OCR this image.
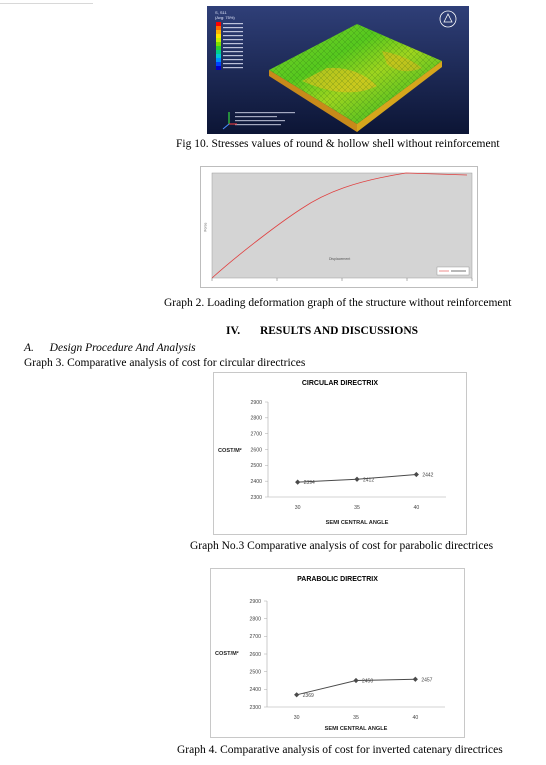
S, S11
(Avg: 75%)
Fig 10. Stresses values of round & hollow shell without reinforcement
Displacement
Force
Graph 2. Loading deformation graph of the structure without reinforcement
IV. RESULTS AND DISCUSSIONS
A. Design Procedure And Analysis
Graph 3. Comparative analysis of cost for circular directrices
CIRCULAR DIRECTRIX
2300
2400
2500
2600
2700
2800
2900
30	35	40
2394	2412
2442
SEMI CENTRAL ANGLE
COST/M²
Graph No.3 Comparative analysis of cost for parabolic directrices
PARABOLIC DIRECTRIX
2300
2400
2500
2600
2700
2800
2900
30	35	40
2369
2450	2457
SEMI CENTRAL ANGLE
COST/M²
Graph 4. Comparative analysis of cost for inverted catenary directrices
